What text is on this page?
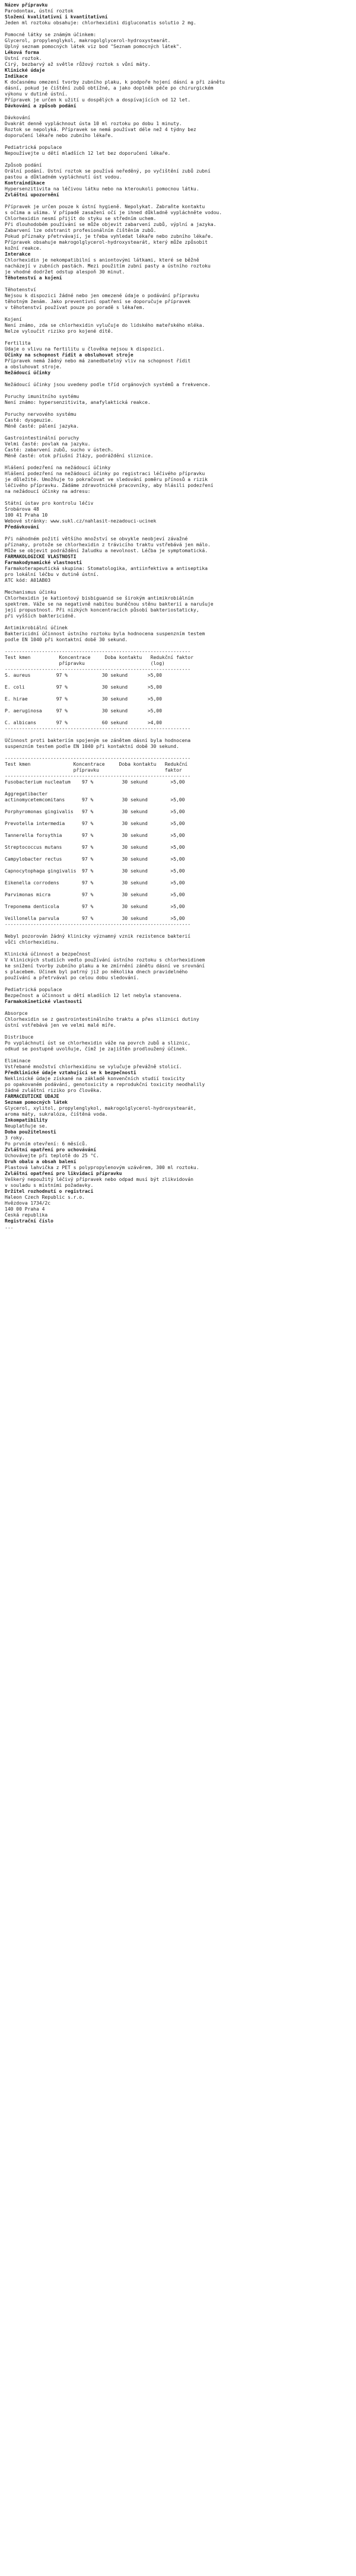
Název přípravku
Parodontax, ústní roztok
Složení kvalitativní i kvantitativní
Jeden ml roztoku obsahuje: chlorhexidini digluconatis solutio 2 mg.
Pomocné látky se známým účinkem:
Glycerol, propylenglykol, makrogolglycerol-hydroxystearát.
Úplný seznam pomocných látek viz bod "Seznam pomocných látek".
Léková forma
Ústní roztok.
Čirý, bezbarvý až světle růžový roztok s vůní máty.
Klinické údaje
Indikace
K dočasnému omezení tvorby zubního plaku, k podpoře hojení dásní a při zánětu
dásní, pokud je čištění zubů obtížné, a jako doplněk péče po chirurgickém
výkonu v dutině ústní.
Přípravek je určen k užití u dospělých a dospívajících od 12 let.
Dávkování a způsob podání
Dávkování
Dvakrát denně vypláchnout ústa 10 ml roztoku po dobu 1 minuty.
Roztok se nepolyká. Přípravek se nemá používat déle než 4 týdny bez
doporučení lékaře nebo zubního lékaře.
Pediatrická populace
Nepoužívejte u dětí mladších 12 let bez doporučení lékaře.
Způsob podání
Orální podání. Ústní roztok se používá neředěný, po vyčištění zubů zubní
pastou a důkladném vypláchnutí úst vodou.
Kontraindikace
Hypersenzitivita na léčivou látku nebo na kteroukoli pomocnou látku.
Zvláštní upozornění
Přípravek je určen pouze k ústní hygieně. Nepolykat. Zabraňte kontaktu
s očima a ušima. V případě zasažení očí je ihned důkladně vypláchněte vodou.
Chlorhexidin nesmí přijít do styku se středním uchem.
Při dlouhodobém používání se může objevit zabarvení zubů, výplní a jazyka.
Zabarvení lze odstranit profesionálním čištěním zubů.
Pokud příznaky přetrvávají, je třeba vyhledat lékaře nebo zubního lékaře.
Přípravek obsahuje makrogolglycerol-hydroxystearát, který může způsobit
kožní reakce.
Interakce
Chlorhexidin je nekompatibilní s aniontovými látkami, které se běžně
nacházejí v zubních pastách. Mezi použitím zubní pasty a ústního roztoku
je vhodné dodržet odstup alespoň 30 minut.
Těhotenství a kojení
Těhotenství
Nejsou k dispozici žádné nebo jen omezené údaje o podávání přípravku
těhotným ženám. Jako preventivní opatření se doporučuje přípravek
v těhotenství používat pouze po poradě s lékařem.
Kojení
Není známo, zda se chlorhexidin vylučuje do lidského mateřského mléka.
Nelze vyloučit riziko pro kojené dítě.
Fertilita
Údaje o vlivu na fertilitu u člověka nejsou k dispozici.
Účinky na schopnost řídit a obsluhovat stroje
Přípravek nemá žádný nebo má zanedbatelný vliv na schopnost řídit
a obsluhovat stroje.
Nežádoucí účinky
Nežádoucí účinky jsou uvedeny podle tříd orgánových systémů a frekvence.
Poruchy imunitního systému
Není známo: hypersenzitivita, anafylaktická reakce.
Poruchy nervového systému
Časté: dysgeuzie.
Méně časté: pálení jazyka.
Gastrointestinální poruchy
Velmi časté: povlak na jazyku.
Časté: zabarvení zubů, sucho v ústech.
Méně časté: otok příušní žlázy, podráždění sliznice.
Hlášení podezření na nežádoucí účinky
Hlášení podezření na nežádoucí účinky po registraci léčivého přípravku
je důležité. Umožňuje to pokračovat ve sledování poměru přínosů a rizik
léčivého přípravku. Žádáme zdravotnické pracovníky, aby hlásili podezření
na nežádoucí účinky na adresu:
Státní ústav pro kontrolu léčiv
Šrobárova 48
100 41 Praha 10
Webové stránky: www.sukl.cz/nahlasit-nezadouci-ucinek
Předávkování
Při náhodném požití většího množství se obvykle neobjeví závažné
příznaky, protože se chlorhexidin z trávicího traktu vstřebává jen málo.
Může se objevit podráždění žaludku a nevolnost. Léčba je symptomatická.
FARMAKOLOGICKÉ VLASTNOSTI
Farmakodynamické vlastnosti
Farmakoterapeutická skupina: Stomatologika, antiinfektiva a antiseptika
pro lokální léčbu v dutině ústní.
ATC kód: A01AB03
Mechanismus účinku
Chlorhexidin je kationtový bisbiguanid se širokým antimikrobiálním
spektrem. Váže se na negativně nabitou buněčnou stěnu bakterií a narušuje
její propustnost. Při nízkých koncentracích působí bakteriostaticky,
při vyšších baktericidně.
Antimikrobiální účinek
Baktericidní účinnost ústního roztoku byla hodnocena suspenzním testem
podle EN 1040 při kontaktní době 30 sekund.
-----------------------------------------------------------------
Test kmen          Koncentrace     Doba kontaktu   Redukční faktor
přípravku                       (log)
-----------------------------------------------------------------
S. aureus         97 %            30 sekund       >5,00
E. coli           97 %            30 sekund       >5,00
E. hirae          97 %            30 sekund       >5,00
P. aeruginosa     97 %            30 sekund       >5,00
C. albicans       97 %            60 sekund       >4,00
-----------------------------------------------------------------
Účinnost proti bakteriím spojeným se zánětem dásní byla hodnocena
suspenzním testem podle EN 1040 při kontaktní době 30 sekund.
-----------------------------------------------------------------
Test kmen               Koncentrace     Doba kontaktu   Redukční
přípravku                       faktor
-----------------------------------------------------------------
Fusobacterium nucleatum    97 %          30 sekund        >5,00
Aggregatibacter
actinomycetemcomitans      97 %          30 sekund        >5,00
Porphyromonas gingivalis   97 %          30 sekund        >5,00
Prevotella intermedia      97 %          30 sekund        >5,00
Tannerella forsythia       97 %          30 sekund        >5,00
Streptococcus mutans       97 %          30 sekund        >5,00
Campylobacter rectus       97 %          30 sekund        >5,00
Capnocytophaga gingivalis  97 %          30 sekund        >5,00
Eikenella corrodens        97 %          30 sekund        >5,00
Parvimonas micra           97 %          30 sekund        >5,00
Treponema denticola        97 %          30 sekund        >5,00
Veillonella parvula        97 %          30 sekund        >5,00
-----------------------------------------------------------------
Nebyl pozorován žádný klinicky významný vznik rezistence bakterií
vůči chlorhexidinu.
Klinická účinnost a bezpečnost
V klinických studiích vedlo používání ústního roztoku s chlorhexidinem
ke snížení tvorby zubního plaku a ke zmírnění zánětu dásní ve srovnání
s placebem. Účinek byl patrný již po několika dnech pravidelného
používání a přetrvával po celou dobu sledování.
Pediatrická populace
Bezpečnost a účinnost u dětí mladších 12 let nebyla stanovena.
Farmakokinetické vlastnosti
Absorpce
Chlorhexidin se z gastrointestinálního traktu a přes sliznici dutiny
ústní vstřebává jen ve velmi malé míře.
Distribuce
Po vypláchnutí úst se chlorhexidin váže na povrch zubů a sliznic,
odkud se postupně uvolňuje, čímž je zajištěn prodloužený účinek.
Eliminace
Vstřebané množství chlorhexidinu se vylučuje převážně stolicí.
Předklinické údaje vztahující se k bezpečnosti
Neklinické údaje získané na základě konvenčních studií toxicity
po opakovaném podávání, genotoxicity a reprodukční toxicity neodhalily
žádné zvláštní riziko pro člověka.
FARMACEUTICKÉ ÚDAJE
Seznam pomocných látek
Glycerol, xylitol, propylenglykol, makrogolglycerol-hydroxystearát,
aroma máty, sukralóza, čištěná voda.
Inkompatibility
Neuplatňuje se.
Doba použitelnosti
3 roky.
Po prvním otevření: 6 měsíců.
Zvláštní opatření pro uchovávání
Uchovávejte při teplotě do 25 °C.
Druh obalu a obsah balení
Plastová lahvička z PET s polypropylenovým uzávěrem, 300 ml roztoku.
Zvláštní opatření pro likvidaci přípravku
Veškerý nepoužitý léčivý přípravek nebo odpad musí být zlikvidován
v souladu s místními požadavky.
Držitel rozhodnutí o registraci
Haleon Czech Republic s.r.o.
Hvězdova 1734/2c
140 00 Praha 4
Česká republika
Registrační číslo
...
